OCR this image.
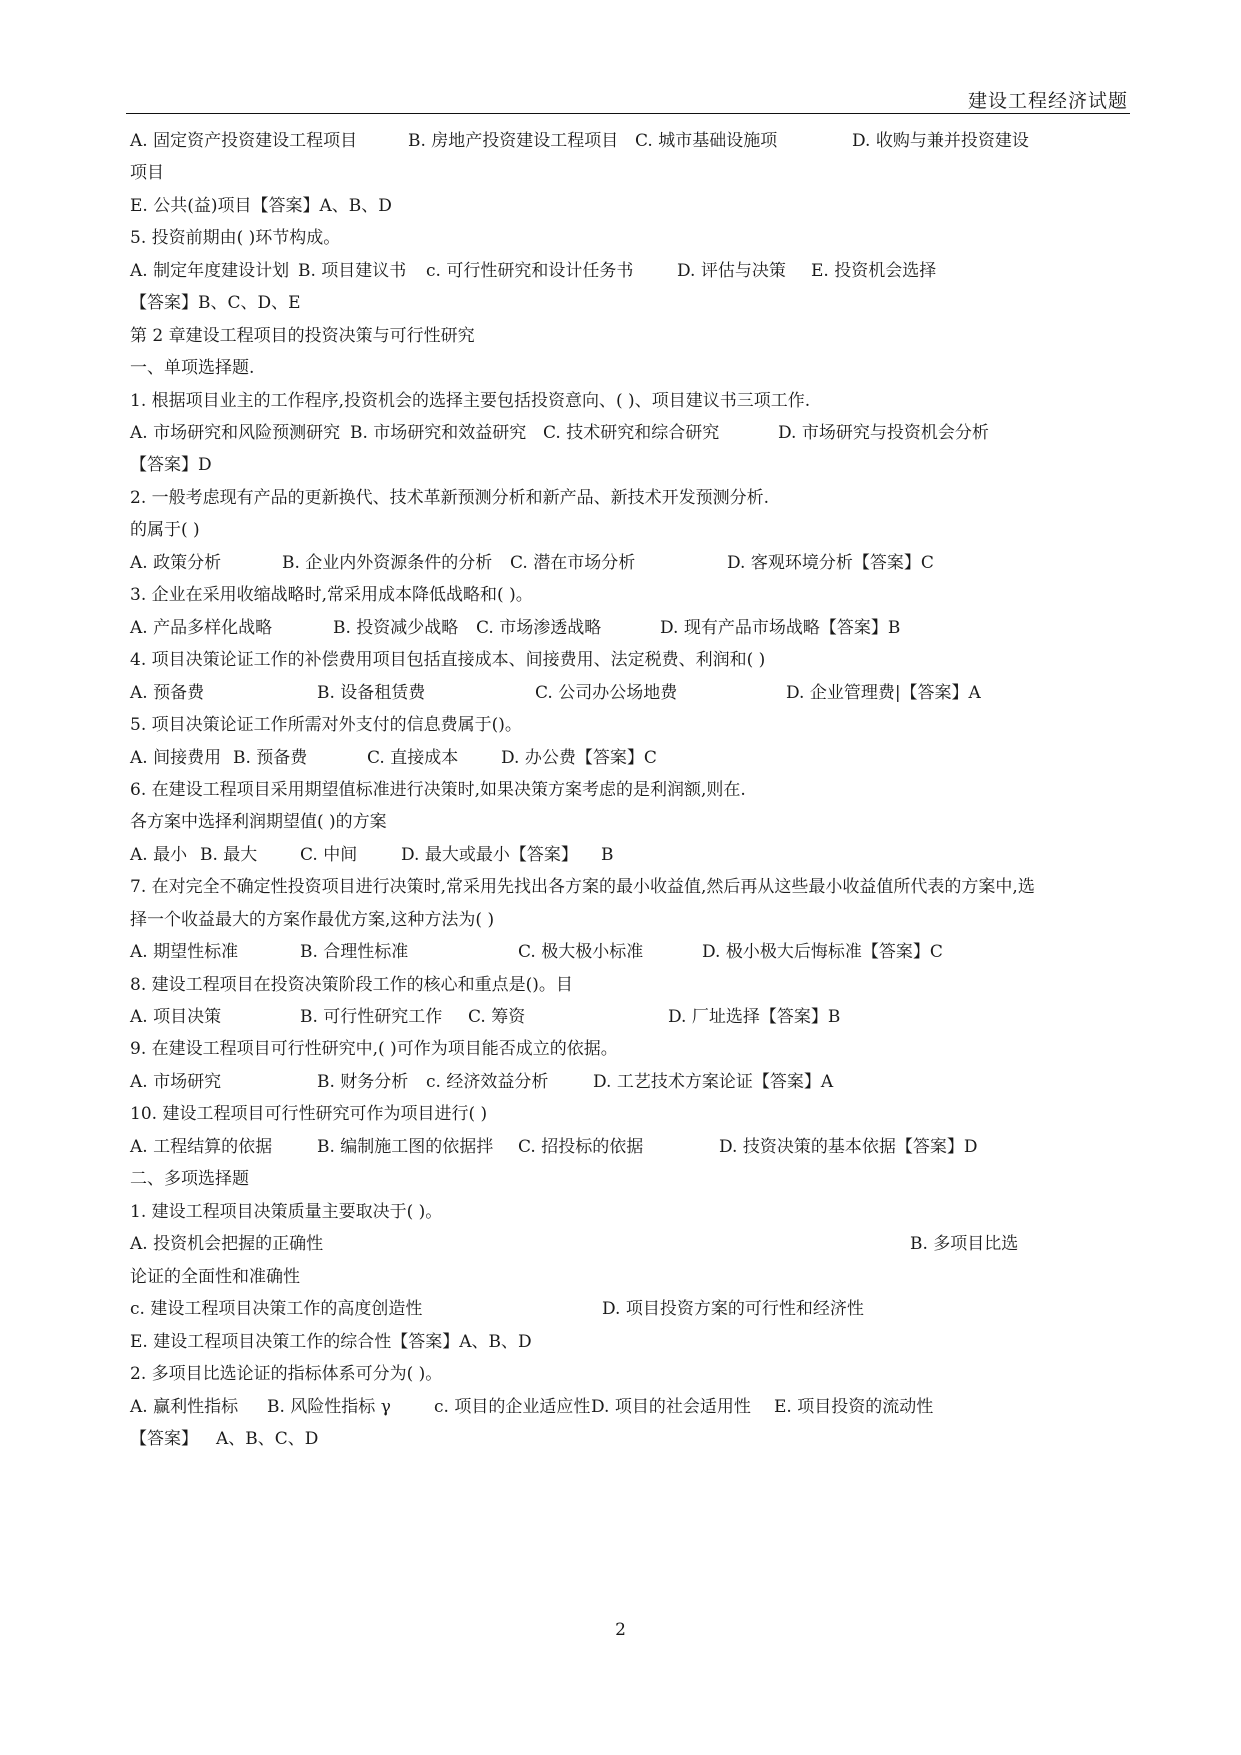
建设工程经济试题
A. 固定资产投资建设工程项目	B. 房地产投资建设工程项目 C. 城市基础设施项	D. 收购与兼并投资建设
项目
E. 公共(益)项目【答案】A、B、D
5. 投资前期由( )环节构成。
A. 制定年度建设计划 B. 项目建议书 c. 可行性研究和设计任务书	D. 评估与决策 E. 投资机会选择
【答案】B、C、D、E
第 2 章建设工程项目的投资决策与可行性研究
一、单项选择题.
1. 根据项目业主的工作程序,投资机会的选择主要包括投资意向、( )、项目建议书三项工作.
A. 市场研究和风险预测研究 B. 市场研究和效益研究 C. 技术研究和综合研究	D. 市场研究与投资机会分析
【答案】D
2. 一般考虑现有产品的更新换代、技术革新预测分析和新产品、新技术开发预测分析.
的属于( )
A. 政策分析	B. 企业内外资源条件的分析 C. 潜在市场分析	D. 客观环境分析【答案】C
3. 企业在采用收缩战略时,常采用成本降低战略和( )。
A. 产品多样化战略	B. 投资减少战略 C. 市场渗透战略	D. 现有产品市场战略【答案】B
4. 项目决策论证工作的补偿费用项目包括直接成本、间接费用、法定税费、利润和( )
A. 预备费	B. 设备租赁费	C. 公司办公场地费	D. 企业管理费|【答案】A
5. 项目决策论证工作所需对外支付的信息费属于()。
A. 间接费用 B. 预备费	C. 直接成本	D. 办公费【答案】C
6. 在建设工程项目采用期望值标准进行决策时,如果决策方案考虑的是利润额,则在.
各方案中选择利润期望值( )的方案
A. 最小 B. 最大	C. 中间	D. 最大或最小【答案】 B
7. 在对完全不确定性投资项目进行决策时,常采用先找出各方案的最小收益值,然后再从这些最小收益值所代表的方案中,选
择一个收益最大的方案作最优方案,这种方法为( )
A. 期望性标准	B. 合理性标准	C. 极大极小标准	D. 极小极大后悔标准【答案】C
8. 建设工程项目在投资决策阶段工作的核心和重点是()。目
A. 项目决策	B. 可行性研究工作 C. 筹资	D. 厂址选择【答案】B
9. 在建设工程项目可行性研究中,( )可作为项目能否成立的依据。
A. 市场研究	B. 财务分析 c. 经济效益分析	D. 工艺技术方案论证【答案】A
10. 建设工程项目可行性研究可作为项目进行( )
A. 工程结算的依据	B. 编制施工图的依据拌 C. 招投标的依据	D. 技资决策的基本依据【答案】D
二、多项选择题
1. 建设工程项目决策质量主要取决于( )。
A. 投资机会把握的正确性	B. 多项目比选
论证的全面性和准确性
c. 建设工程项目决策工作的高度创造性	D. 项目投资方案的可行性和经济性
E. 建设工程项目决策工作的综合性【答案】A、B、D
2. 多项目比选论证的指标体系可分为( )。
A. 赢利性指标 B. 风险性指标 γ	c. 项目的企业适应性 D. 项目的社会适用性 E. 项目投资的流动性
【答案】 A、B、C、D
2
